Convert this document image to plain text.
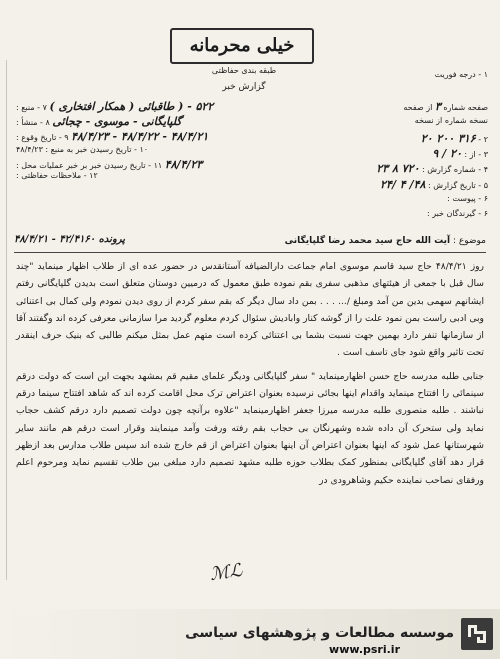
خیلی محرمانه
طبقه بندی حفاظتی
گزارش خبر
۱ - درجه فوریت
۵۲۲ - ( طاقبائی ( همکار افتخاری ) ۷ - منبع :
گلپایگانی - موسوی - چجائی ۸ - منشأ :
۴۸/۴/۲۱ - ۴۸/۴/۲۲ - ۴۸/۴/۲۳ ۹ - تاریخ وقوع :
۱۰ - تاریخ رسیدن خبر به منبع : ۴۸/۴/۲۳
۴۸/۴/۲۳ ۱۱ - تاریخ رسیدن خبر بر خبر عملیات محل :
۱۲ - ملاحظات حفاظتی :
صفحه شماره ۳ از صفحه
نسخه شماره از نسخه
۲ - ۳۱۶ ۲۰۰ ۲۰
۳ - از : ۲۰ / ۹
۴ - شماره گزارش : ۷۲۰ ۸ ۲۳
۵ - تاریخ گزارش : ۴۸/ ۴ /۲۴
۶ - پیوست :
۶ - گیرندگان خبر :
موضوع : آیت الله حاج سید محمد رضا گلپایگانی
پرونده ۴۲/۴۱۶۰ - ۴۸/۴/۲۱

روز ۴۸/۴/۲۱ حاج سید قاسم موسوی امام جماعت دارالضیافه آستانقدس در حضور عده ای از طلاب اظهار مینماید "چند سال قبل با جمعی از هیئتهای مذهبی سفری بقم نموده طبق معمول که درمیین دوستان متعلق است بدیدن گلپایگانی رفتم ایشانهم سهمی بدین من آمد ومبلغ /... . . . بمن داد سال دیگر که بقم سفر کردم از روی دیدن نمودم ولی کمال بی اعتنائی وبی ادبی راست بمن نمود علت را از گوشه کنار وابادیش سئوال کردم معلوم گردید مرا سازمانی معرفی کرده اند وگفتند آقا از سازمانها تنفر دارد بهمین جهت نسبت بشما بی اعتنائی کرده است متهم عمل بمثل میکنم طالبی که بنیک حرف اینقدر تحت تاثیر واقع شود جای تاسف است .

جنابی طلبه مدرسه حاج حسن اظهارمینماید " سفر گلپایگانی ودیگر علمای مقیم قم بمشهد بجهت این است که دولت درقم سینمائی را افتتاح مینماید واقدام اینها بجائی نرسیده بعنوان اعتراض ترک محل اقامت کرده اند که شاهد افتتاح سینما درقم نباشند . طلبه منصوری طلبه مدرسه میرزا جعفر اظهارمینماید "علاوه برآنچه چون دولت تصمیم دارد درقم کشف حجاب نماید ولی ستحرک آن داده شده وشهرنگان بی حجاب بقم رفته ورفت وآمد مینمایند وقرار است درقم هم مانند سایر شهرستانها عمل شود که اینها بعنوان اعتراض آن اینها بعنوان اعتراض از قم خارج شده اند سپس طلاب مدارس بعد ازظهر قرار دهد آقای گلپایگانی بمنظور کمک بطلاب حوزه طلبه مشهد تصمیم دارد مبلغی بین طلاب تقسیم نماید ومرحوم اعلم ورفقای نصاحب نماینده حکیم وشاهرودی در

ℳℒ
موسسه مطالعات و پژوهشهای سیاسی
www.psri.ir
